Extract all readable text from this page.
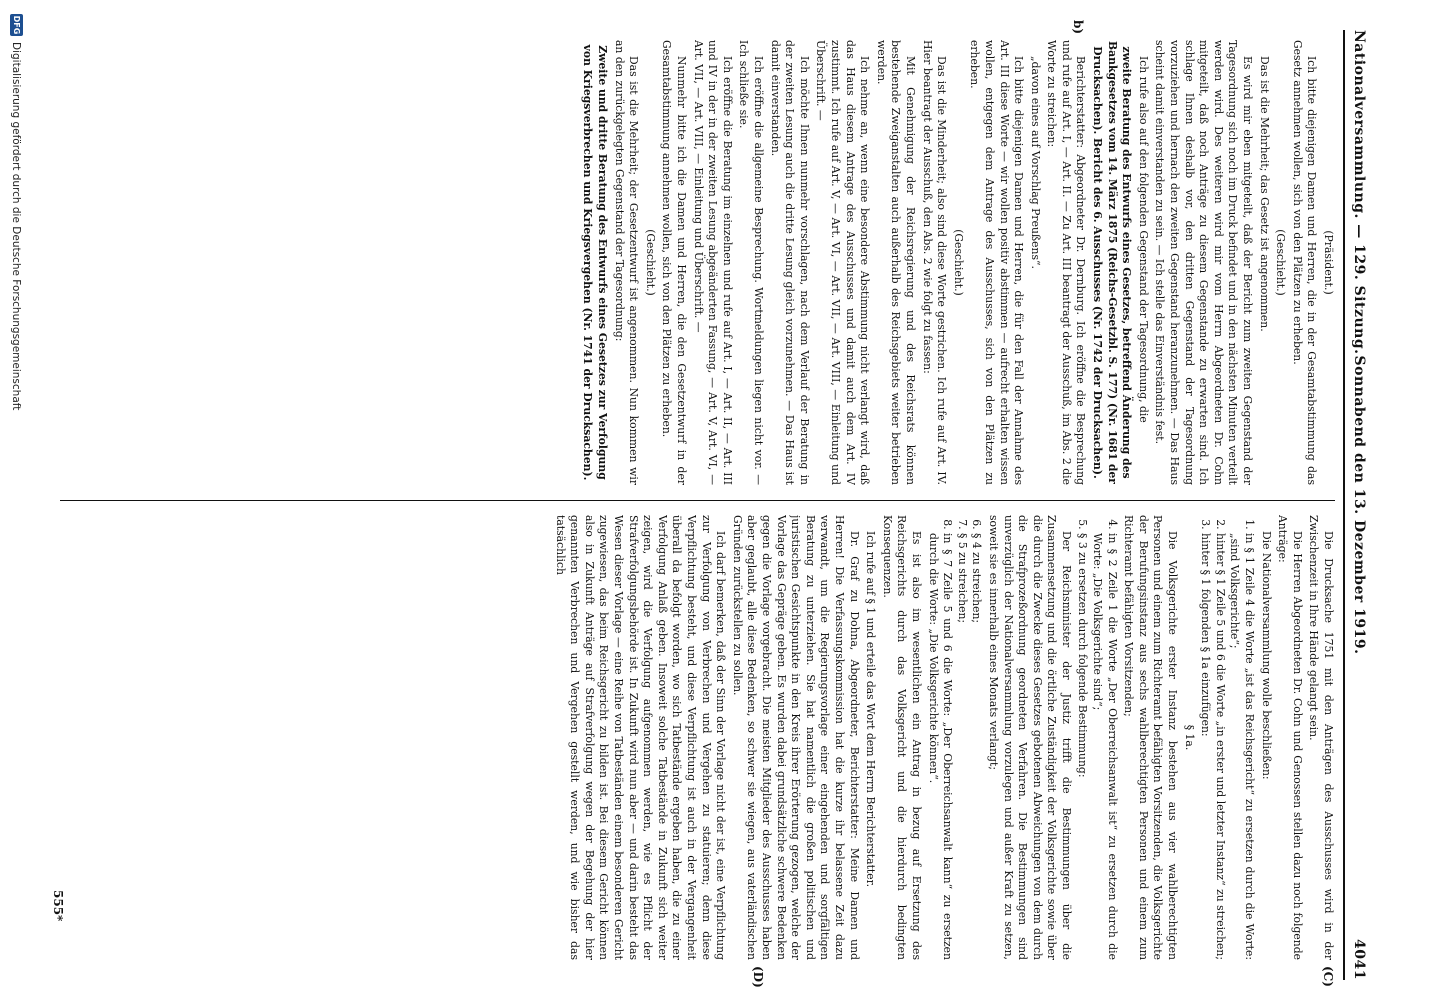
Nationalversammlung. — 129. Sitzung.
Sonnabend den 13. Dezember 1919.
4041
b)
(C)
(D)

(Präsident.)

Ich bitte diejenigen Damen und Herren, die in der Gesamtabstimmung das Gesetz annehmen wollen, sich von den Plätzen zu erheben.

(Geschieht.)

Das ist die Mehrheit; das Gesetz ist angenommen.

Es wird mir eben mitgeteilt, daß der Bericht zum zweiten Gegenstand der Tagesordnung sich noch im Druck befindet und in den nächsten Minuten verteilt werden wird. Des weiteren wird mir vom Herrn Abgeordneten Dr. Cohn mitgeteilt, daß noch Anträge zu diesem Gegenstande zu erwarten sind. Ich schlage Ihnen deshalb vor, den dritten Gegenstand der Tagesordnung vorzuziehen und hernach den zweiten Gegenstand heranzunehmen. — Das Haus scheint damit einverstanden zu sein. — Ich stelle das Einverständnis fest.

Ich rufe also auf den folgenden Gegenstand der Tagesordnung, die

zweite Beratung des Entwurfs eines Gesetzes, betreffend Änderung des Bankgesetzes vom 14. März 1875 (Reichs-Gesetzbl. S. 177) (Nr. 1681 der Drucksachen). Bericht des 6. Ausschusses (Nr. 1742 der Drucksachen).

Berichterstatter: Abgeordneter Dr. Dernburg. Ich eröffne die Besprechung und rufe auf Art. I, — Art. II. — Zu Art. III beantragt der Ausschuß, im Abs. 2 die Worte zu streichen:

„davon eines auf Vorschlag Preußens“.

Ich bitte diejenigen Damen und Herren, die für den Fall der Annahme des Art. III diese Worte — wir wollen positiv abstimmen — aufrecht erhalten wissen wollen, entgegen dem Antrage des Ausschusses, sich von den Plätzen zu erheben.

(Geschieht.)

Das ist die Minderheit; also sind diese Worte gestrichen. Ich rufe auf Art. IV. Hier beantragt der Ausschuß, den Abs. 2 wie folgt zu fassen:

Mit Genehmigung der Reichsregierung und des Reichsrats können bestehende Zweiganstalten auch außerhalb des Reichsgebiets weiter betrieben werden.

Ich nehme an, wenn eine besondere Abstimmung nicht verlangt wird, daß das Haus diesem Antrage des Ausschusses und damit auch dem Art. IV zustimmt. Ich rufe auf Art. V, — Art. VI, — Art. VII, — Art. VIII, — Einleitung und Überschrift. —

Ich möchte Ihnen nunmehr vorschlagen, nach dem Verlauf der Beratung in der zweiten Lesung auch die dritte Lesung gleich vorzunehmen. — Das Haus ist damit einverstanden.

Ich eröffne die allgemeine Besprechung. Wortmeldungen liegen nicht vor. — Ich schließe sie.

Ich eröffne die Beratung im einzelnen und rufe auf Art. I, — Art. II, — Art. III und IV in der in der zweiten Lesung abgeänderten Fassung, — Art. V, Art. VI, — Art. VII, — Art. VIII, — Einleitung und Überschrift. —

Nunmehr bitte ich die Damen und Herren, die den Gesetzentwurf in der Gesamtabstimmung annehmen wollen, sich von den Plätzen zu erheben.

(Geschieht.)

Das ist die Mehrheit; der Gesetzentwurf ist angenommen. Nun kommen wir an den zurückgelegten Gegenstand der Tagesordnung:

Zweite und dritte Beratung des Entwurfs eines Gesetzes zur Verfolgung von Kriegsverbrechen und Kriegsvergehen (Nr. 1741 der Drucksachen).

Die Drucksache 1751 mit den Anträgen des Ausschusses wird in der Zwischenzeit in Ihre Hände gelangt sein.

Die Herren Abgeordneten Dr. Cohn und Genossen stellen dazu noch folgende Anträge:

Die Nationalversammlung wolle beschließen:

1. in § 1 Zeile 4 die Worte „ist das Reichsgericht“ zu ersetzen durch die Worte: „sind Volksgerichte“;
2. hinter § 1 Zeile 5 und 6 die Worte „in erster und letzter Instanz“ zu streichen;
3. hinter § 1 folgenden § 1a einzufügen:

§ 1a.

Die Volksgerichte erster Instanz bestehen aus vier wahlberechtigten Personen und einem zum Richteramt befähigten Vorsitzenden, die Volksgerichte der Berufungsinstanz aus sechs wahlberechtigten Personen und einem zum Richteramt befähigten Vorsitzenden;

4. in § 2 Zeile 1 die Worte „Der Oberreichsanwalt ist“ zu ersetzen durch die Worte: „Die Volksgerichte sind“;
5. § 3 zu ersetzen durch folgende Bestimmung:

Der Reichsminister der Justiz trifft die Bestimmungen über die Zusammensetzung und die örtliche Zuständigkeit der Volksgerichte sowie über die durch die Zwecke dieses Gesetzes gebotenen Abweichungen von dem durch die Strafprozeßordnung geordneten Verfahren. Die Bestimmungen sind unverzüglich der Nationalversammlung vorzulegen und außer Kraft zu setzen, soweit sie es innerhalb eines Monats verlangt;

6. § 4 zu streichen;
7. § 5 zu streichen;
8. in § 7 Zeile 5 und 6 die Worte: „Der Oberreichsanwalt kann“ zu ersetzen durch die Worte: „Die Volksgerichte können“.

Es ist also im wesentlichen ein Antrag in bezug auf Ersetzung des Reichsgerichts durch das Volksgericht und die hierdurch bedingten Konsequenzen.

Ich rufe auf § 1 und erteile das Wort dem Herrn Berichterstatter.

Dr. Graf zu Dohna, Abgeordneter, Berichterstatter: Meine Damen und Herren! Die Verfassungskommission hat die kurze ihr belassene Zeit dazu verwandt, um die Regierungsvorlage einer eingehenden und sorgfältigen Beratung zu unterziehen. Sie hat namentlich die großen politischen und juristischen Gesichtspunkte in den Kreis ihrer Erörterung gezogen, welche der Vorlage das Gepräge geben. Es wurden dabei grundsätzliche schwere Bedenken gegen die Vorlage vorgebracht. Die meisten Mitglieder des Ausschusses haben aber geglaubt, alle diese Bedenken, so schwer sie wiegen, aus vaterländischen Gründen zurückstellen zu sollen.

Ich darf bemerken, daß der Sinn der Vorlage nicht der ist, eine Verpflichtung zur Verfolgung von Verbrechen und Vergehen zu statuieren; denn diese Verpflichtung besteht, und diese Verpflichtung ist auch in der Vergangenheit überall da befolgt worden, wo sich Tatbestände ergeben haben, die zu einer Verfolgung Anlaß geben. Insoweit solche Tatbestände in Zukunft sich weiter zeigen, wird die Verfolgung aufgenommen werden, wie es Pflicht der Strafverfolgungsbehörde ist. In Zukunft wird nun aber — und darin besteht das Wesen dieser Vorlage — eine Reihe von Tatbeständen einem besonderen Gericht zugewiesen, das beim Reichsgericht zu bilden ist. Bei diesem Gericht können also in Zukunft Anträge auf Strafverfolgung wegen der Begehung der hier genannten Verbrechen und Vergehen gestellt werden, und wie bisher das tatsächlich

555*
DFG
Digitalisierung gefördert durch die Deutsche Forschungsgemeinschaft
